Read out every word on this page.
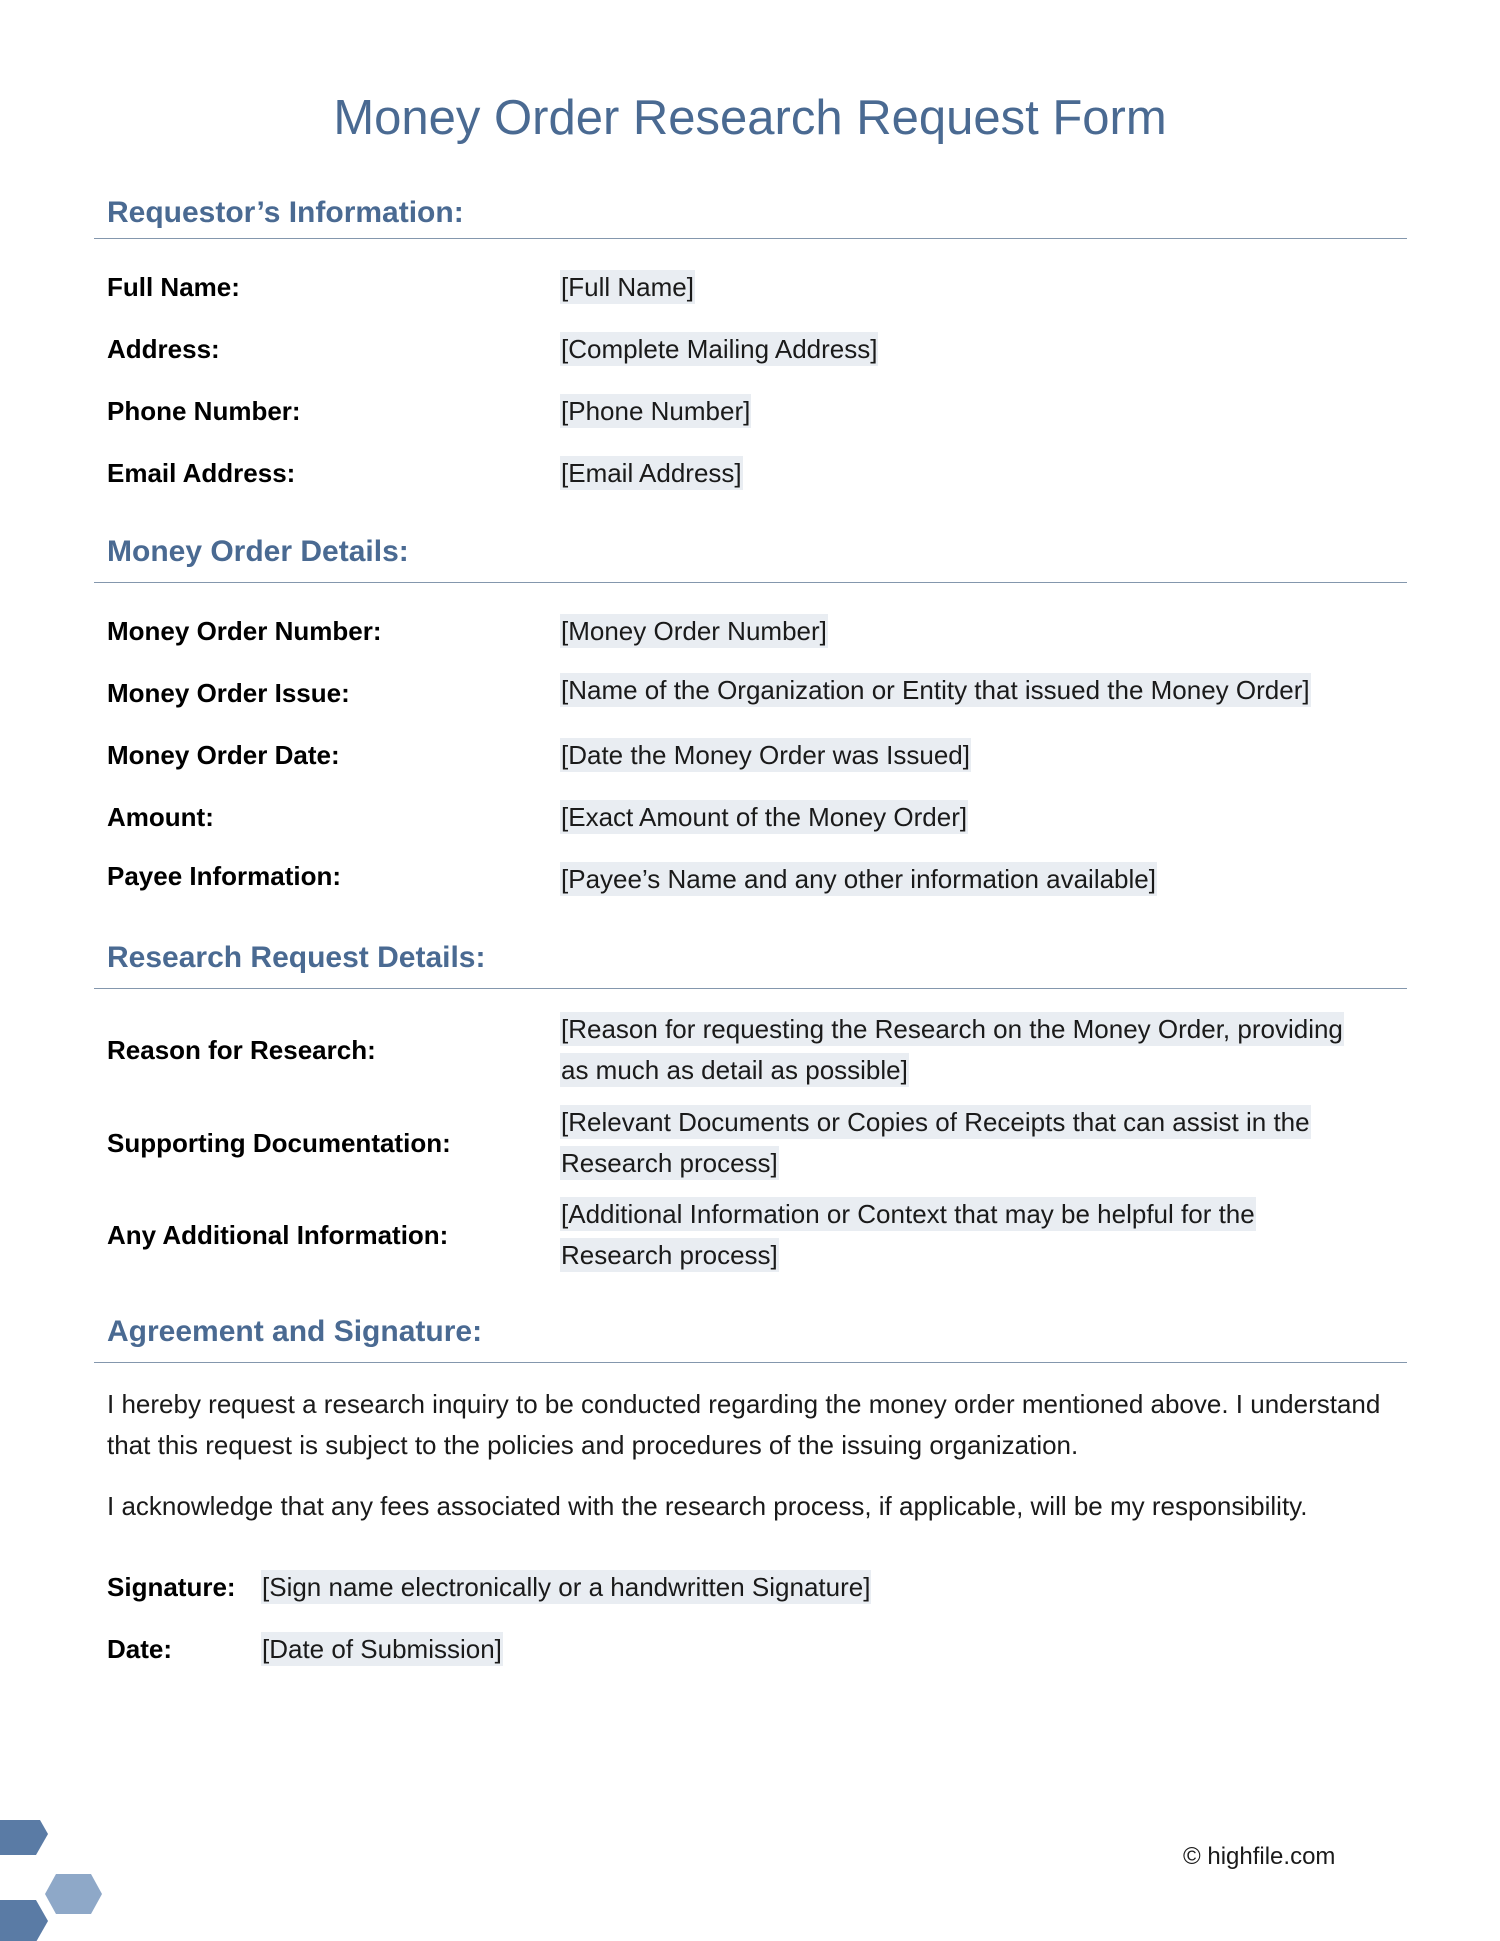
Money Order Research Request Form
Requestor’s Information:
Full Name:	[Full Name]
Address:	[Complete Mailing Address]
Phone Number:	[Phone Number]
Email Address:	[Email Address]
Money Order Details:
Money Order Number:	[Money Order Number]
Money Order Issue:	[Name of the Organization or Entity that issued the Money Order]
Money Order Date:	[Date the Money Order was Issued]
Amount:	[Exact Amount of the Money Order]
Payee Information:	[Payee’s Name and any other information available]
Research Request Details:
Reason for Research:
[Reason for requesting the Research on the Money Order, providing
as much as detail as possible]
Supporting Documentation:
[Relevant Documents or Copies of Receipts that can assist in the
Research process]
Any Additional Information:
[Additional Information or Context that may be helpful for the
Research process]
Agreement and Signature:

I hereby request a research inquiry to be conducted regarding the money order mentioned above. I understand that this request is subject to the policies and procedures of the issuing organization.

I acknowledge that any fees associated with the research process, if applicable, will be my responsibility.

Signature: [Sign name electronically or a handwritten Signature]
Date:	[Date of Submission]
© highfile.com
